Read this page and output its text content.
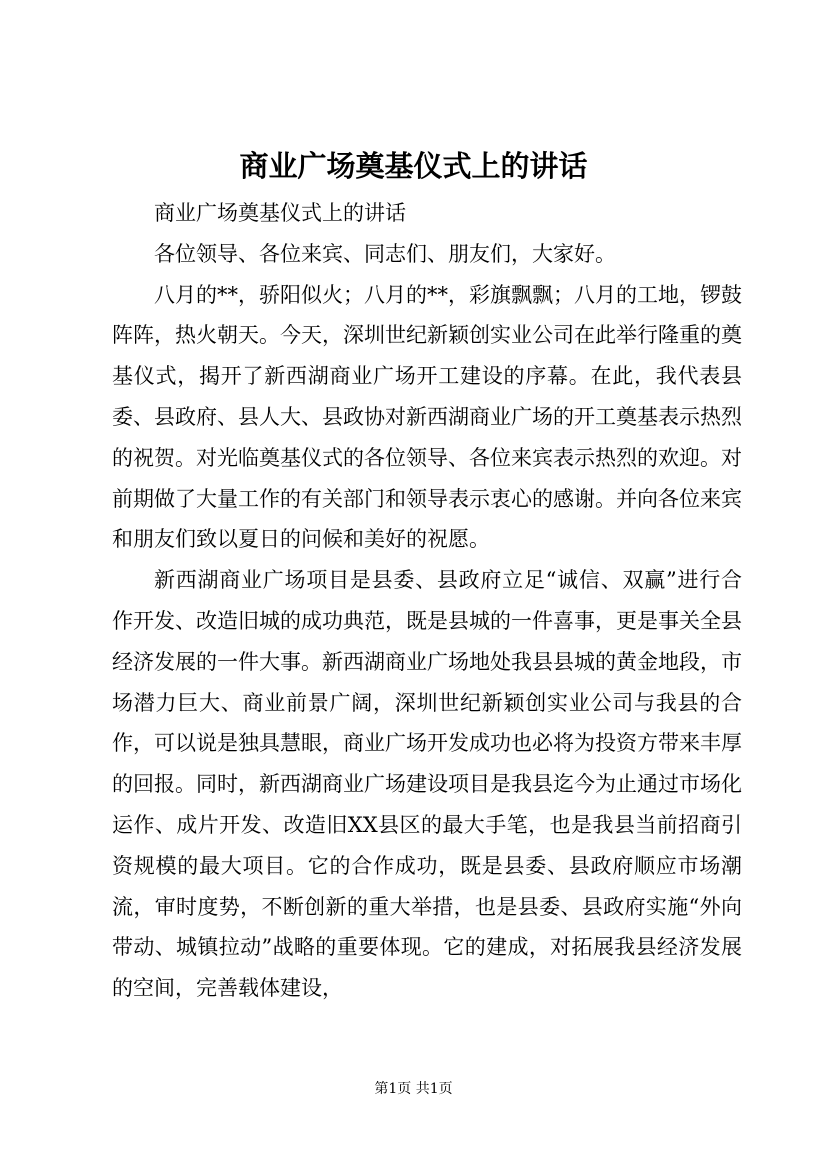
商业广场奠基仪式上的讲话

商业广场奠基仪式上的讲话

各位领导、各位来宾、同志们、朋友们，大家好。

八月的**，骄阳似火；八月的**，彩旗飘飘；八月的工地，锣鼓阵阵，热火朝天。今天，深圳世纪新颖创实业公司在此举行隆重的奠基仪式，揭开了新西湖商业广场开工建设的序幕。在此，我代表县委、县政府、县人大、县政协对新西湖商业广场的开工奠基表示热烈的祝贺。对光临奠基仪式的各位领导、各位来宾表示热烈的欢迎。对前期做了大量工作的有关部门和领导表示衷心的感谢。并向各位来宾和朋友们致以夏日的问候和美好的祝愿。

新西湖商业广场项目是县委、县政府立足“诚信、双赢”进行合作开发、改造旧城的成功典范，既是县城的一件喜事，更是事关全县经济发展的一件大事。新西湖商业广场地处我县县城的黄金地段，市场潜力巨大、商业前景广阔，深圳世纪新颖创实业公司与我县的合作，可以说是独具慧眼，商业广场开发成功也必将为投资方带来丰厚的回报。同时，新西湖商业广场建设项目是我县迄今为止通过市场化运作、成片开发、改造旧XX县区的最大手笔，也是我县当前招商引资规模的最大项目。它的合作成功，既是县委、县政府顺应市场潮流，审时度势，不断创新的重大举措，也是县委、县政府实施“外向带动、城镇拉动”战略的重要体现。它的建成，对拓展我县经济发展的空间，完善载体建设，

第1页 共1页
